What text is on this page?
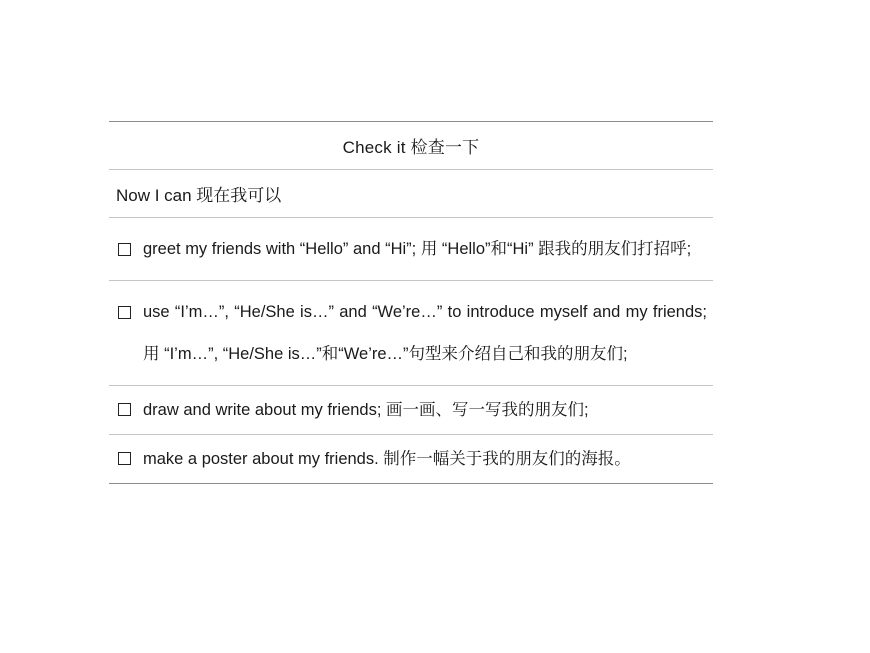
Check it 检查一下
Now I can 现在我可以
greet my friends with “Hello” and “Hi”; 用 “Hello”和“Hi” 跟我的朋友们打招呼;
use “I’m…”, “He/She is…” and “We’re…” to introduce myself and my friends; 用 “I’m…”, “He/She is…”和“We’re…”句型来介绍自己和我的朋友们;
draw and write about my friends; 画一画、写一写我的朋友们;
make a poster about my friends. 制作一幅关于我的朋友们的海报。
